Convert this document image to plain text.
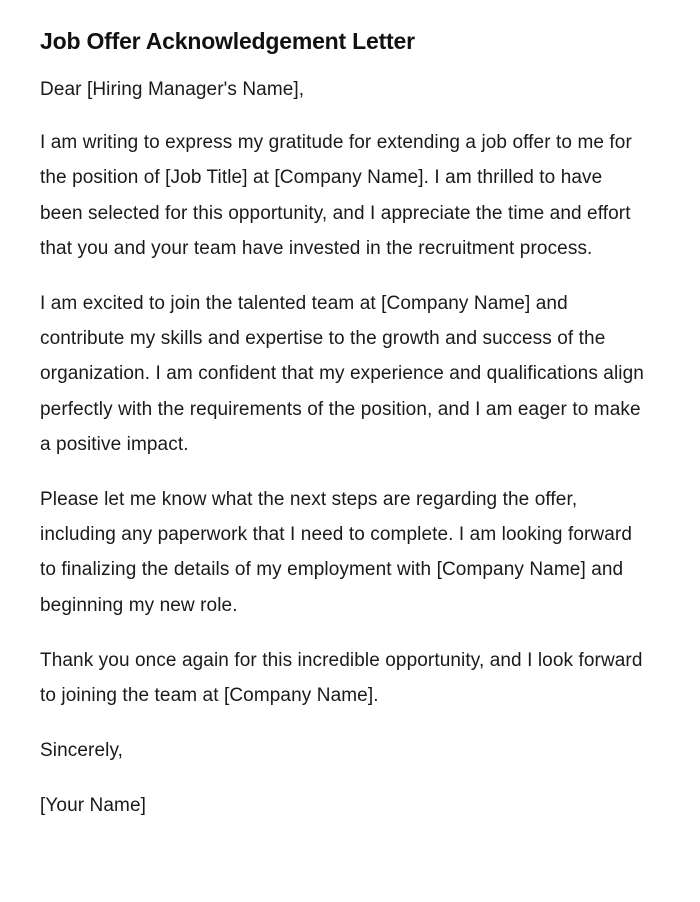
Job Offer Acknowledgement Letter

Dear [Hiring Manager's Name],

I am writing to express my gratitude for extending a job offer to me for the position of [Job Title] at [Company Name]. I am thrilled to have been selected for this opportunity, and I appreciate the time and effort that you and your team have invested in the recruitment process.

I am excited to join the talented team at [Company Name] and contribute my skills and expertise to the growth and success of the organization. I am confident that my experience and qualifications align perfectly with the requirements of the position, and I am eager to make a positive impact.

Please let me know what the next steps are regarding the offer, including any paperwork that I need to complete. I am looking forward to finalizing the details of my employment with [Company Name] and beginning my new role.

Thank you once again for this incredible opportunity, and I look forward to joining the team at [Company Name].

Sincerely,

[Your Name]
